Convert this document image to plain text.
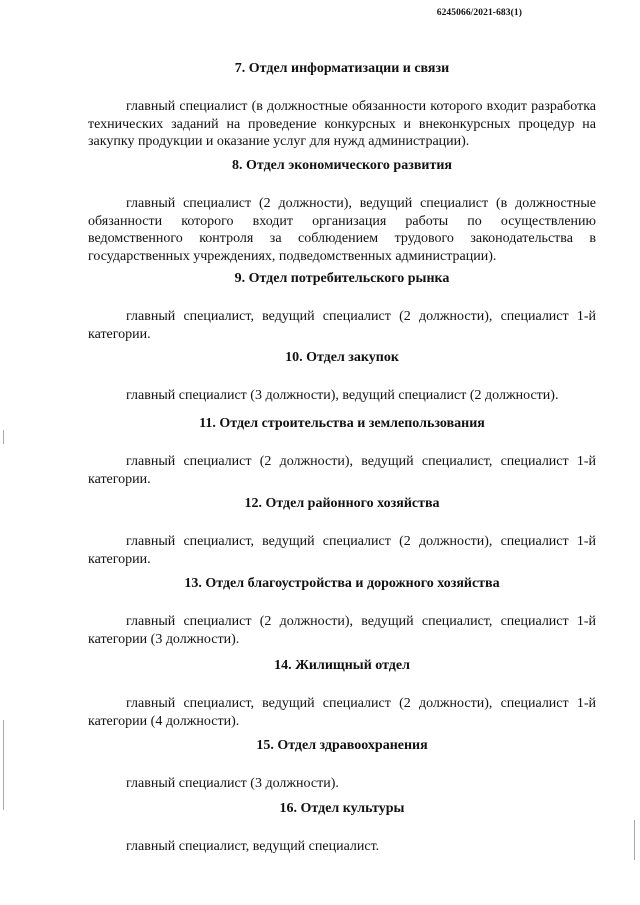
6245066/2021-683(1)
7. Отдел информатизации и связи

главный специалист (в должностные обязанности которого входит разработка технических заданий на проведение конкурсных и внеконкурсных процедур на закупку продукции и оказание услуг для нужд администрации).

8. Отдел экономического развития

главный специалист (2 должности), ведущий специалист (в должностные обязанности которого входит организация работы по осуществлению ведомственного контроля за соблюдением трудового законодательства в государственных учреждениях, подведомственных администрации).

9. Отдел потребительского рынка

главный специалист, ведущий специалист (2 должности), специалист 1-й категории.

10. Отдел закупок

главный специалист (3 должности), ведущий специалист (2 должности).

11. Отдел строительства и землепользования

главный специалист (2 должности), ведущий специалист, специалист 1-й категории.

12. Отдел районного хозяйства

главный специалист, ведущий специалист (2 должности), специалист 1-й категории.

13. Отдел благоустройства и дорожного хозяйства

главный специалист (2 должности), ведущий специалист, специалист 1-й категории (3 должности).

14. Жилищный отдел

главный специалист, ведущий специалист (2 должности), специалист 1-й категории (4 должности).

15. Отдел здравоохранения

главный специалист (3 должности).

16. Отдел культуры

главный специалист, ведущий специалист.
